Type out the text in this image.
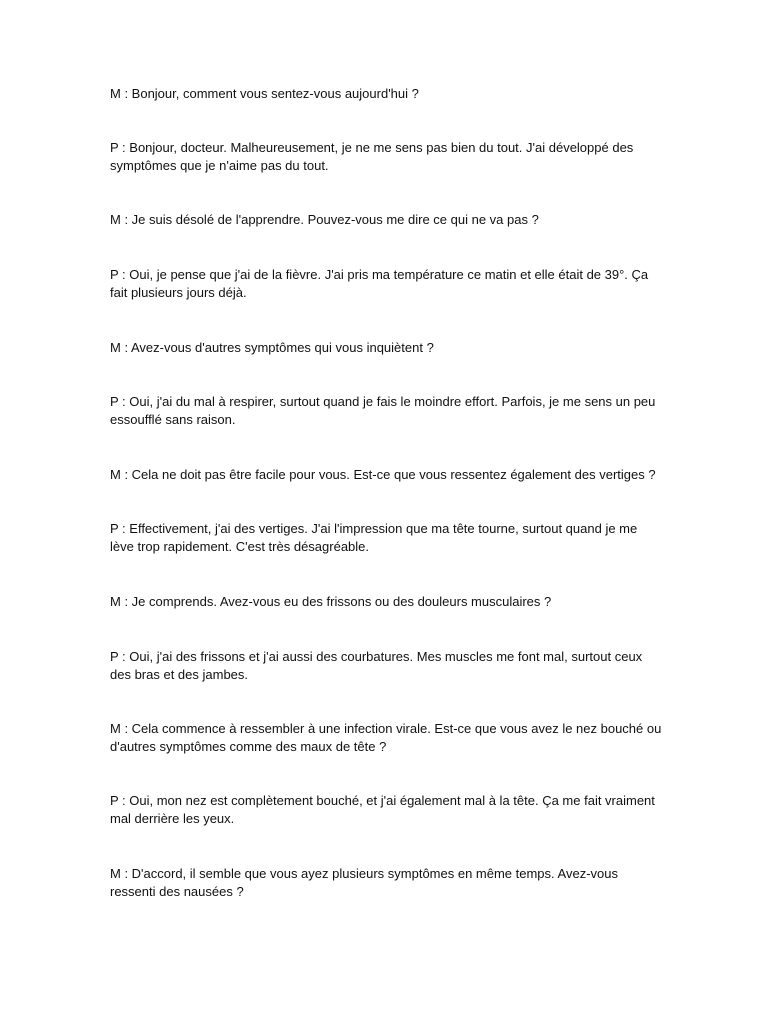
M : Bonjour, comment vous sentez-vous aujourd'hui ?

P : Bonjour, docteur. Malheureusement, je ne me sens pas bien du tout. J'ai développé des symptômes que je n'aime pas du tout.

M : Je suis désolé de l'apprendre. Pouvez-vous me dire ce qui ne va pas ?

P : Oui, je pense que j'ai de la fièvre. J'ai pris ma température ce matin et elle était de 39°. Ça fait plusieurs jours déjà.

M : Avez-vous d'autres symptômes qui vous inquiètent ?

P : Oui, j'ai du mal à respirer, surtout quand je fais le moindre effort. Parfois, je me sens un peu essoufflé sans raison.

M : Cela ne doit pas être facile pour vous. Est-ce que vous ressentez également des vertiges ?

P : Effectivement, j'ai des vertiges. J'ai l'impression que ma tête tourne, surtout quand je me lève trop rapidement. C'est très désagréable.

M : Je comprends. Avez-vous eu des frissons ou des douleurs musculaires ?

P : Oui, j'ai des frissons et j'ai aussi des courbatures. Mes muscles me font mal, surtout ceux des bras et des jambes.

M : Cela commence à ressembler à une infection virale. Est-ce que vous avez le nez bouché ou d'autres symptômes comme des maux de tête ?

P : Oui, mon nez est complètement bouché, et j'ai également mal à la tête. Ça me fait vraiment mal derrière les yeux.

M : D'accord, il semble que vous ayez plusieurs symptômes en même temps. Avez-vous ressenti des nausées ?
